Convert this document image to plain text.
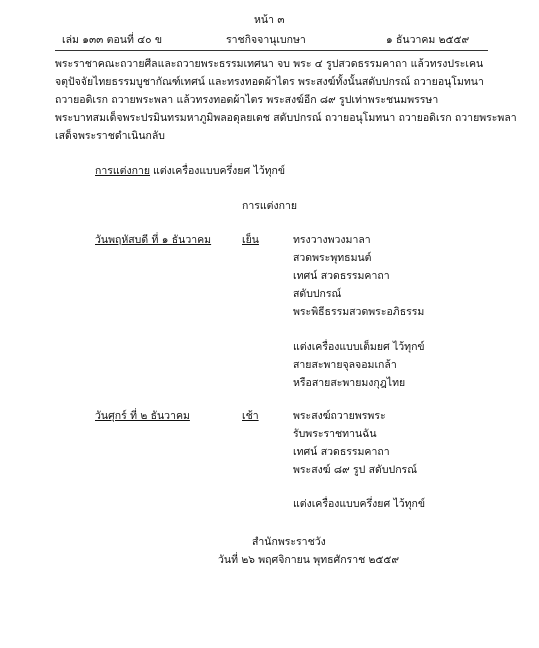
หน้า ๓
เล่ม ๑๓๓ ตอนที่ ๔๐ ข	ราชกิจจานุเบกษา	๑ ธันวาคม ๒๕๕๙
พระราชาคณะถวายศีลและถวายพระธรรมเทศนา จบ พระ ๔ รูปสวดธรรมคาถา แล้วทรงประเคน
จตุปัจจัยไทยธรรมบูชากัณฑ์เทศน์ และทรงทอดผ้าไตร พระสงฆ์ทั้งนั้นสดับปกรณ์ ถวายอนุโมทนา
ถวายอดิเรก ถวายพระพลา แล้วทรงทอดผ้าไตร พระสงฆ์อีก ๘๙ รูปเท่าพระชนมพรรษา
พระบาทสมเด็จพระปรมินทรมหาภูมิพลอดุลยเดช สดับปกรณ์ ถวายอนุโมทนา ถวายอดิเรก ถวายพระพลา
เสด็จพระราชดำเนินกลับ
การแต่งกาย แต่งเครื่องแบบครึ่งยศ ไว้ทุกข์
การแต่งกาย
วันพฤหัสบดี ที่ ๑ ธันวาคม	เย็น	ทรงวางพวงมาลา
สวดพระพุทธมนต์
เทศน์ สวดธรรมคาถา
สดับปกรณ์
พระพิธีธรรมสวดพระอภิธรรม
แต่งเครื่องแบบเต็มยศ ไว้ทุกข์
สายสะพายจุลจอมเกล้า
หรือสายสะพายมงกุฎไทย
วันศุกร์ ที่ ๒ ธันวาคม	เช้า	พระสงฆ์ถวายพรพระ
รับพระราชทานฉัน
เทศน์ สวดธรรมคาถา
พระสงฆ์ ๘๙ รูป สดับปกรณ์
แต่งเครื่องแบบครึ่งยศ ไว้ทุกข์
สำนักพระราชวัง
วันที่ ๒๖ พฤศจิกายน พุทธศักราช ๒๕๕๙
